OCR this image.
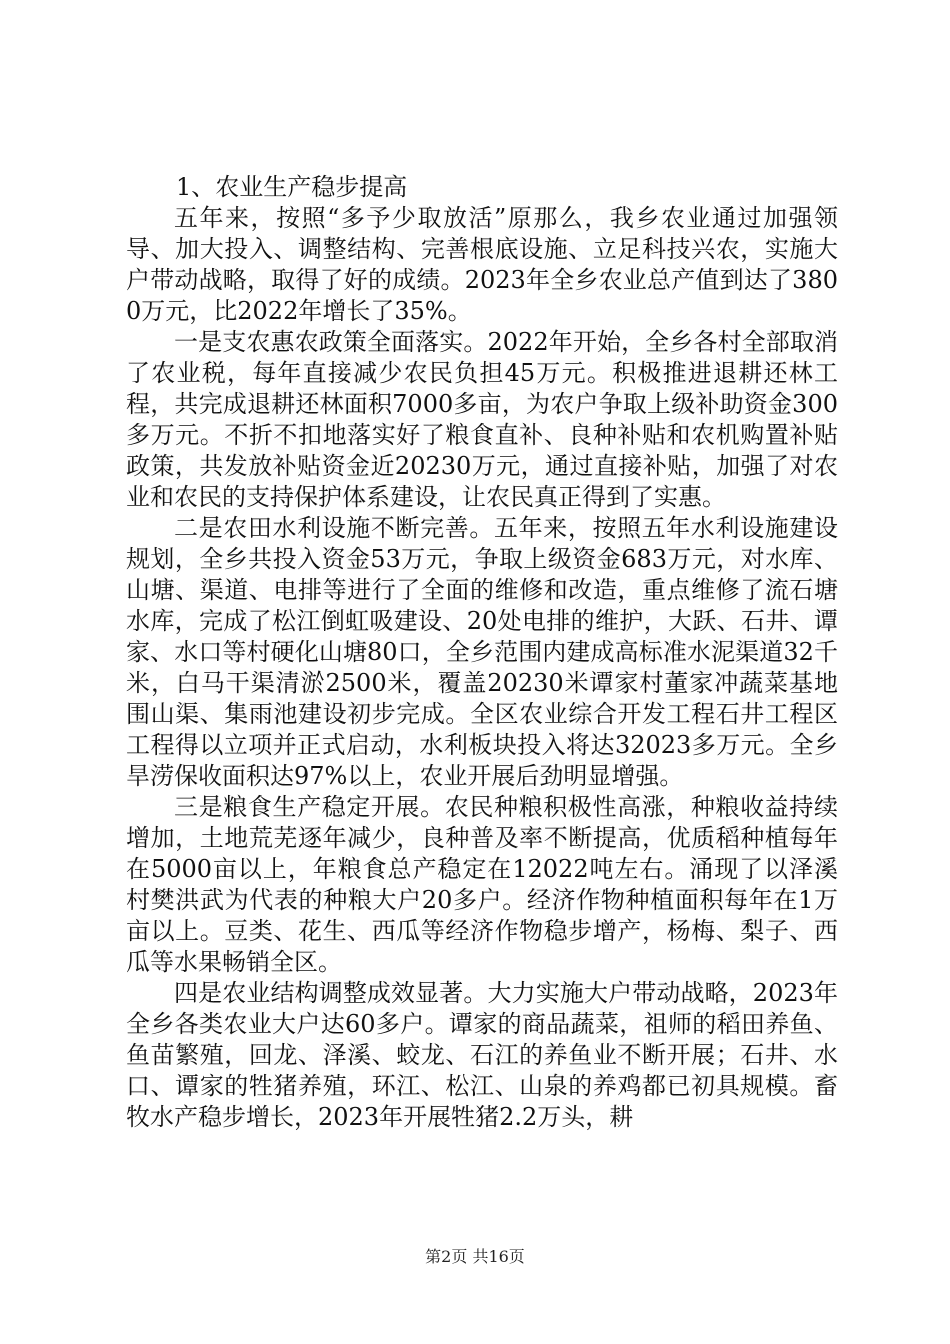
1、农业生产稳步提高

五年来，按照“多予少取放活”原那么，我乡农业通过加强领导、加大投入、调整结构、完善根底设施、立足科技兴农，实施大户带动战略，取得了好的成绩。2023年全乡农业总产值到达了3800万元，比2022年增长了35%。

一是支农惠农政策全面落实。2022年开始，全乡各村全部取消了农业税，每年直接减少农民负担45万元。积极推进退耕还林工程，共完成退耕还林面积7000多亩，为农户争取上级补助资金300多万元。不折不扣地落实好了粮食直补、良种补贴和农机购置补贴政策，共发放补贴资金近20230万元，通过直接补贴，加强了对农业和农民的支持保护体系建设，让农民真正得到了实惠。

二是农田水利设施不断完善。五年来，按照五年水利设施建设规划，全乡共投入资金53万元，争取上级资金683万元，对水库、山塘、渠道、电排等进行了全面的维修和改造，重点维修了流石塘水库，完成了松江倒虹吸建设、20处电排的维护，大跃、石井、谭家、水口等村硬化山塘80口，全乡范围内建成高标准水泥渠道32千米，白马干渠清淤2500米，覆盖20230米谭家村董家冲蔬菜基地围山渠、集雨池建设初步完成。全区农业综合开发工程石井工程区工程得以立项并正式启动，水利板块投入将达32023多万元。全乡旱涝保收面积达97%以上，农业开展后劲明显增强。

三是粮食生产稳定开展。农民种粮积极性高涨，种粮收益持续增加，土地荒芜逐年减少，良种普及率不断提高，优质稻种植每年在5000亩以上，年粮食总产稳定在12022吨左右。涌现了以泽溪村樊洪武为代表的种粮大户20多户。经济作物种植面积每年在1万亩以上。豆类、花生、西瓜等经济作物稳步增产，杨梅、梨子、西瓜等水果畅销全区。

四是农业结构调整成效显著。大力实施大户带动战略，2023年全乡各类农业大户达60多户。谭家的商品蔬菜，祖师的稻田养鱼、鱼苗繁殖，回龙、泽溪、蛟龙、石江的养鱼业不断开展；石井、水口、谭家的牲猪养殖，环江、松江、山泉的养鸡都已初具规模。畜牧水产稳步增长，2023年开展牲猪2.2万头，耕

第2页 共16页
